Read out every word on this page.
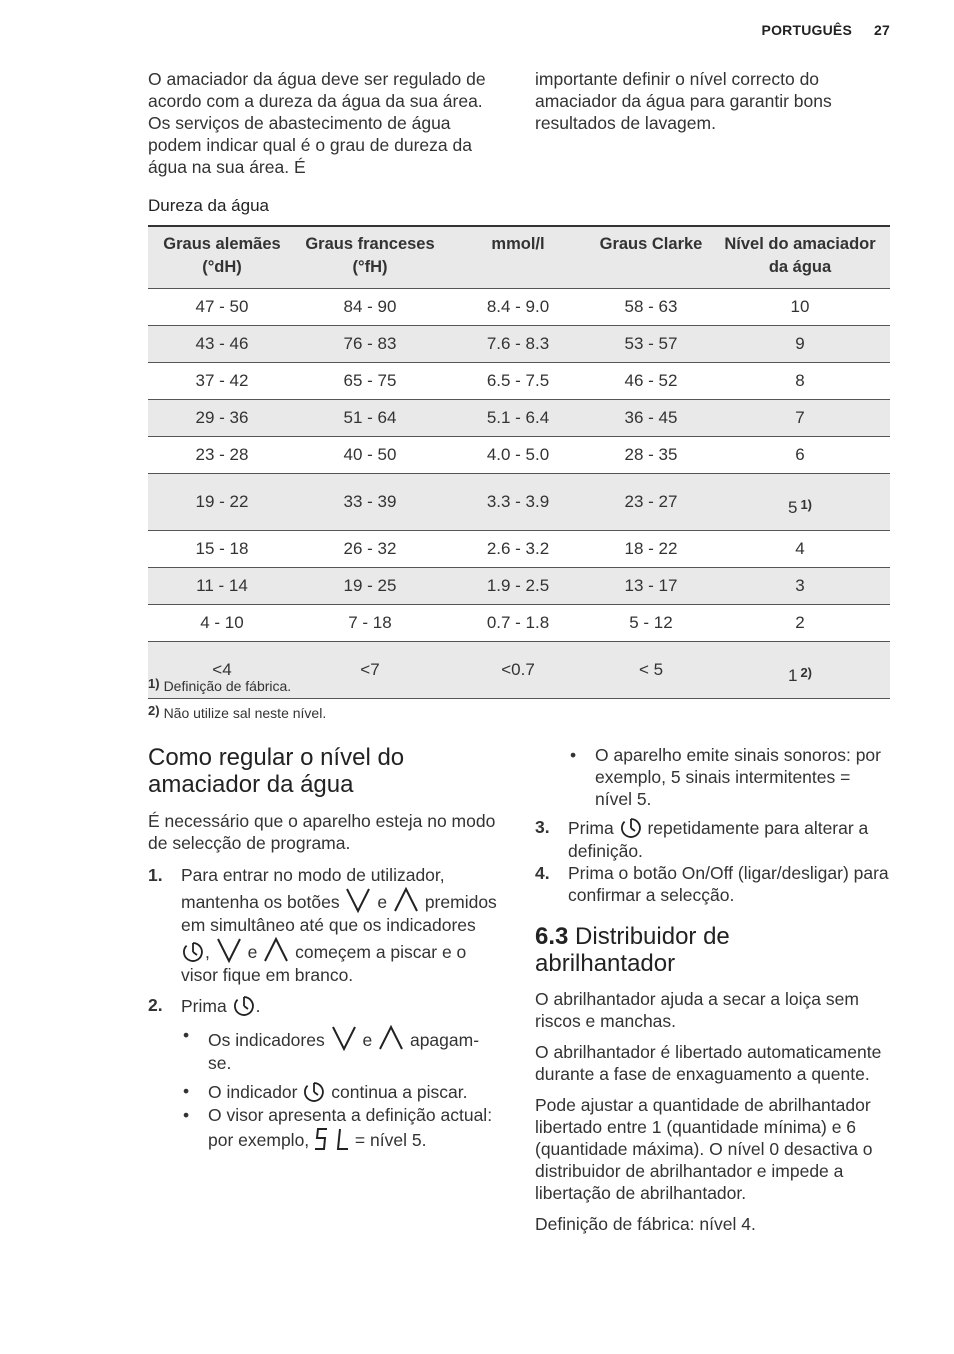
PORTUGUÊS 27

O amaciador da água deve ser regulado de acordo com a dureza da água da sua área. Os serviços de abastecimento de água podem indicar qual é o grau de dureza da água na sua área. É

importante definir o nível correcto do amaciador da água para garantir bons resultados de lavagem.

Dureza da água
Graus alemães (°dH)	Graus franceses (°fH)	mmol/l	Graus Clarke	Nível do amaciador da água
47 - 50	84 - 90	8.4 - 9.0	58 - 63	10
43 - 46	76 - 83	7.6 - 8.3	53 - 57	9
37 - 42	65 - 75	6.5 - 7.5	46 - 52	8
29 - 36	51 - 64	5.1 - 6.4	36 - 45	7
23 - 28	40 - 50	4.0 - 5.0	28 - 35	6
19 - 22	33 - 39	3.3 - 3.9	23 - 27	5 $^{1)}$
15 - 18	26 - 32	2.6 - 3.2	18 - 22	4
11 - 14	19 - 25	1.9 - 2.5	13 - 17	3
4 - 10	7 - 18	0.7 - 1.8	5 - 12	2
<4	<7	<0.7	< 5	1 $^{2)}$
1) Definição de fábrica.
2) Não utilize sal neste nível.
Como regular o nível do
amaciador da água

É necessário que o aparelho esteja no modo de selecção de programa.

1. Para entrar no modo de utilizador, mantenha os botões e premidos em simultâneo até que os indicadores , e começem a piscar e o visor fique em branco.
2. Prima .
• Os indicadores e apagam-se.
• O indicador continua a piscar.
• O visor apresenta a definição actual: por exemplo,	= nível 5.
• O aparelho emite sinais sonoros: por exemplo, 5 sinais intermitentes = nível 5.
3. Prima repetidamente para alterar a definição.
4. Prima o botão On/Off (ligar/desligar) para confirmar a selecção.
6.3 Distribuidor de
abrilhantador

O abrilhantador ajuda a secar a loiça sem riscos e manchas.

O abrilhantador é libertado automaticamente durante a fase de enxaguamento a quente.

Pode ajustar a quantidade de abrilhantador libertado entre 1 (quantidade mínima) e 6 (quantidade máxima). O nível 0 desactiva o distribuidor de abrilhantador e impede a libertação de abrilhantador.

Definição de fábrica: nível 4.
